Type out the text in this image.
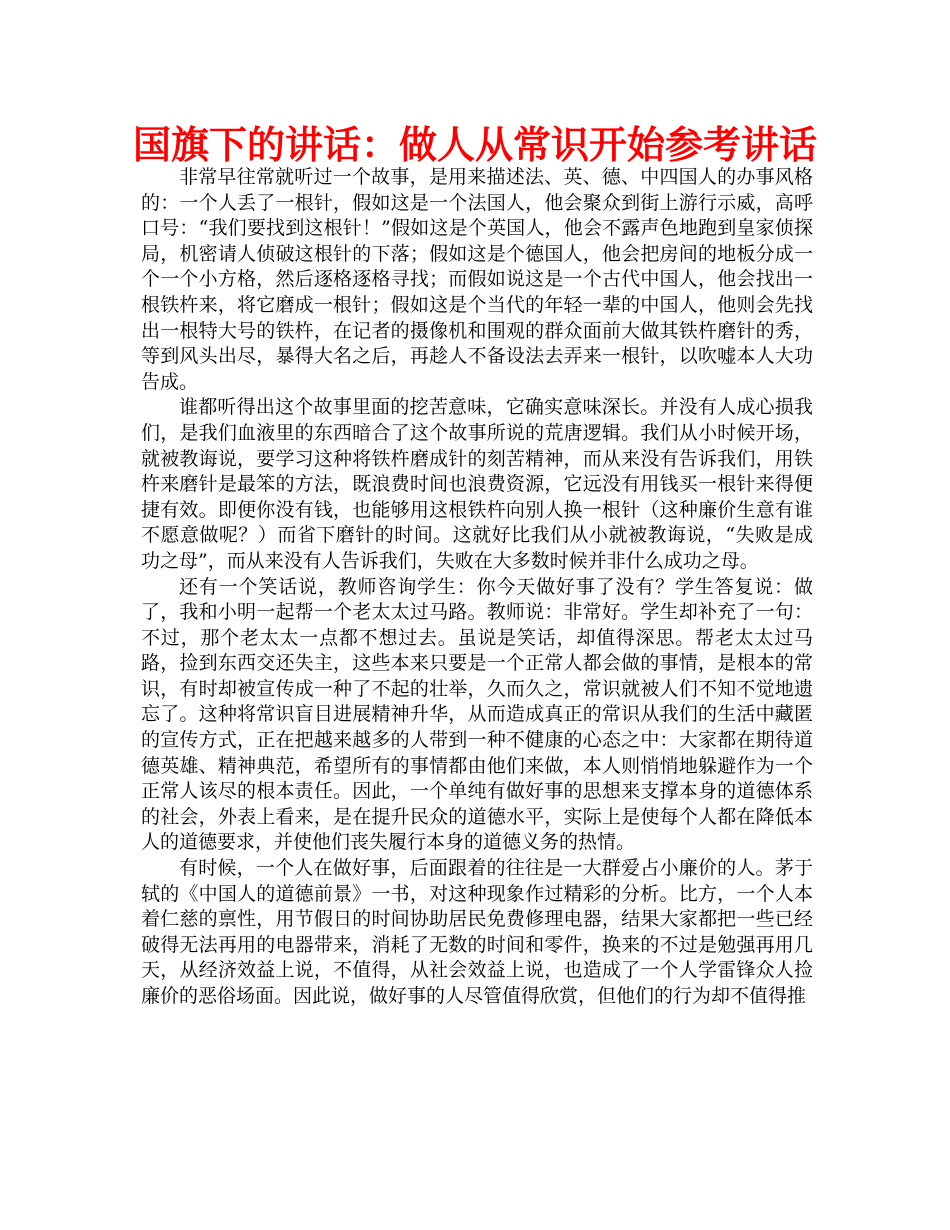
国旗下的讲话：做人从常识开始参考讲话

非常早往常就听过一个故事，是用来描述法、英、德、中四国人的办事风格的：一个人丢了一根针，假如这是一个法国人，他会聚众到街上游行示威，高呼口号：“我们要找到这根针！”假如这是个英国人，他会不露声色地跑到皇家侦探局，机密请人侦破这根针的下落；假如这是个德国人，他会把房间的地板分成一个一个小方格，然后逐格逐格寻找；而假如说这是一个古代中国人，他会找出一根铁杵来，将它磨成一根针；假如这是个当代的年轻一辈的中国人，他则会先找出一根特大号的铁杵，在记者的摄像机和围观的群众面前大做其铁杵磨针的秀，等到风头出尽，暴得大名之后，再趁人不备设法去弄来一根针，以吹嘘本人大功告成。

谁都听得出这个故事里面的挖苦意味，它确实意味深长。并没有人成心损我们，是我们血液里的东西暗合了这个故事所说的荒唐逻辑。我们从小时候开场，就被教诲说，要学习这种将铁杵磨成针的刻苦精神，而从来没有告诉我们，用铁杵来磨针是最笨的方法，既浪费时间也浪费资源，它远没有用钱买一根针来得便捷有效。即便你没有钱，也能够用这根铁杵向别人换一根针（这种廉价生意有谁不愿意做呢？）而省下磨针的时间。这就好比我们从小就被教诲说，“失败是成功之母”，而从来没有人告诉我们，失败在大多数时候并非什么成功之母。

还有一个笑话说，教师咨询学生：你今天做好事了没有？学生答复说：做了，我和小明一起帮一个老太太过马路。教师说：非常好。学生却补充了一句：不过，那个老太太一点都不想过去。虽说是笑话，却值得深思。帮老太太过马路，捡到东西交还失主，这些本来只要是一个正常人都会做的事情，是根本的常识，有时却被宣传成一种了不起的壮举，久而久之，常识就被人们不知不觉地遗忘了。这种将常识盲目进展精神升华，从而造成真正的常识从我们的生活中藏匿的宣传方式，正在把越来越多的人带到一种不健康的心态之中：大家都在期待道德英雄、精神典范，希望所有的事情都由他们来做，本人则悄悄地躲避作为一个正常人该尽的根本责任。因此，一个单纯有做好事的思想来支撑本身的道德体系的社会，外表上看来，是在提升民众的道德水平，实际上是使每个人都在降低本人的道德要求，并使他们丧失履行本身的道德义务的热情。

有时候，一个人在做好事，后面跟着的往往是一大群爱占小廉价的人。茅于轼的《中国人的道德前景》一书，对这种现象作过精彩的分析。比方，一个人本着仁慈的禀性，用节假日的时间协助居民免费修理电器，结果大家都把一些已经破得无法再用的电器带来，消耗了无数的时间和零件，换来的不过是勉强再用几天，从经济效益上说，不值得，从社会效益上说，也造成了一个人学雷锋众人捡廉价的恶俗场面。因此说，做好事的人尽管值得欣赏，但他们的行为却不值得推
